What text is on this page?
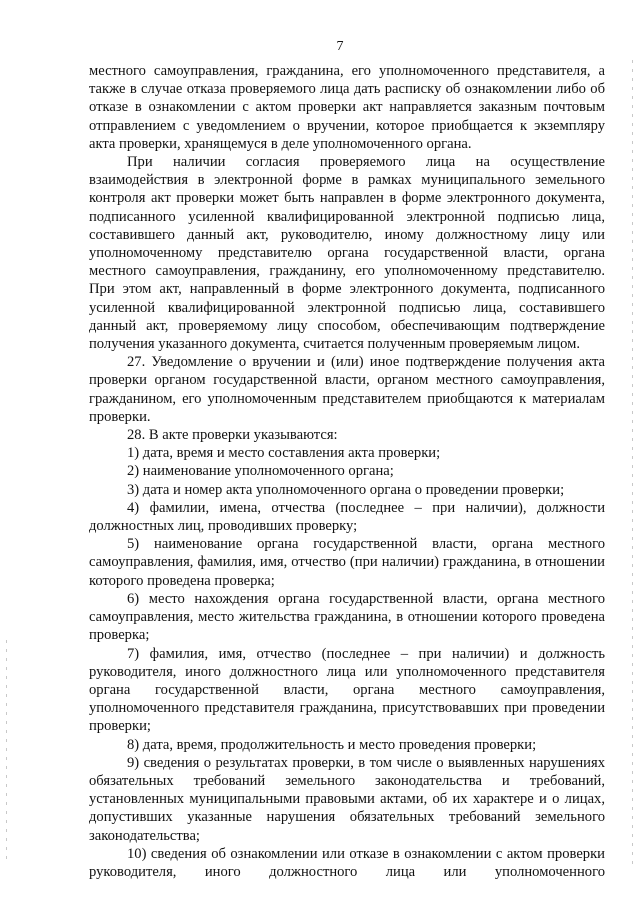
7

местного самоуправления, гражданина, его уполномоченного представителя, а также в случае отказа проверяемого лица дать расписку об ознакомлении либо об отказе в ознакомлении с актом проверки акт направляется заказным почтовым отправлением с уведомлением о вручении, которое приобщается к экземпляру акта проверки, хранящемуся в деле уполномоченного органа.

При наличии согласия проверяемого лица на осуществление взаимодействия в электронной форме в рамках муниципального земельного контроля акт проверки может быть направлен в форме электронного документа, подписанного усиленной квалифицированной электронной подписью лица, составившего данный акт, руководителю, иному должностному лицу или уполномоченному представителю органа государственной власти, органа местного самоуправления, гражданину, его уполномоченному представителю. При этом акт, направленный в форме электронного документа, подписанного усиленной квалифицированной электронной подписью лица, составившего данный акт, проверяемому лицу способом, обеспечивающим подтверждение получения указанного документа, считается полученным проверяемым лицом.

27. Уведомление о вручении и (или) иное подтверждение получения акта проверки органом государственной власти, органом местного самоуправления, гражданином, его уполномоченным представителем приобщаются к материалам проверки.

28. В акте проверки указываются:

1) дата, время и место составления акта проверки;

2) наименование уполномоченного органа;

3) дата и номер акта уполномоченного органа о проведении проверки;

4) фамилии, имена, отчества (последнее – при наличии), должности должностных лиц, проводивших проверку;

5) наименование органа государственной власти, органа местного самоуправления, фамилия, имя, отчество (при наличии) гражданина, в отношении которого проведена проверка;

6) место нахождения органа государственной власти, органа местного самоуправления, место жительства гражданина, в отношении которого проведена проверка;

7) фамилия, имя, отчество (последнее – при наличии) и должность руководителя, иного должностного лица или уполномоченного представителя органа государственной власти, органа местного самоуправления, уполномоченного представителя гражданина, присутствовавших при проведении проверки;

8) дата, время, продолжительность и место проведения проверки;

9) сведения о результатах проверки, в том числе о выявленных нарушениях обязательных требований земельного законодательства и требований, установленных муниципальными правовыми актами, об их характере и о лицах, допустивших указанные нарушения обязательных требований земельного законодательства;

10) сведения об ознакомлении или отказе в ознакомлении с актом проверки руководителя, иного должностного лица или уполномоченного
